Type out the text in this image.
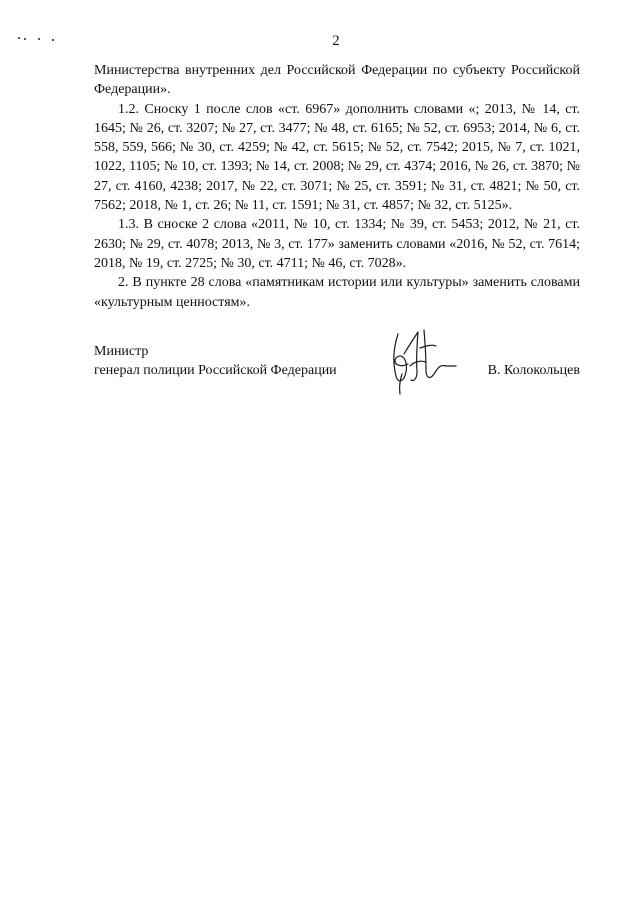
2

Министерства внутренних дел Российской Федерации по субъекту Российской Федерации».

1.2. Сноску 1 после слов «ст. 6967» дополнить словами «; 2013, № 14, ст. 1645; № 26, ст. 3207; № 27, ст. 3477; № 48, ст. 6165; № 52, ст. 6953; 2014, № 6, ст. 558, 559, 566; № 30, ст. 4259; № 42, ст. 5615; № 52, ст. 7542; 2015, № 7, ст. 1021, 1022, 1105; № 10, ст. 1393; № 14, ст. 2008; № 29, ст. 4374; 2016, № 26, ст. 3870; № 27, ст. 4160, 4238; 2017, № 22, ст. 3071; № 25, ст. 3591; № 31, ст. 4821; № 50, ст. 7562; 2018, № 1, ст. 26; № 11, ст. 1591; № 31, ст. 4857; № 32, ст. 5125».

1.3. В сноске 2 слова «2011, № 10, ст. 1334; № 39, ст. 5453; 2012, № 21, ст. 2630; № 29, ст. 4078; 2013, № 3, ст. 177» заменить словами «2016, № 52, ст. 7614; 2018, № 19, ст. 2725; № 30, ст. 4711; № 46, ст. 7028».

2. В пункте 28 слова «памятникам истории или культуры» заменить словами «культурным ценностям».

Министр
генерал полиции Российской Федерации	В. Колокольцев
